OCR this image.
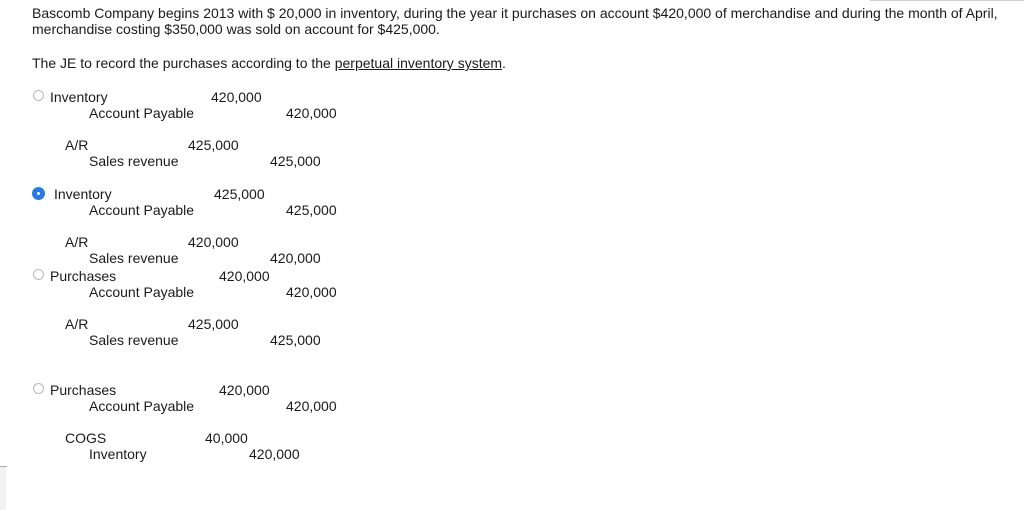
Bascomb Company begins 2013 with $ 20,000 in inventory, during the year it purchases on account $420,000 of merchandise and during the month of April, merchandise costing $350,000 was sold on account for $425,000.
The JE to record the purchases according to the perpetual inventory system.
Inventory	420,000
Account Payable	420,000
A/R	425,000
Sales revenue	425,000
Inventory	425,000
Account Payable	425,000
A/R	420,000
Sales revenue	420,000
Purchases	420,000
Account Payable	420,000
A/R	425,000
Sales revenue	425,000
Purchases	420,000
Account Payable	420,000
COGS	40,000
Inventory	420,000
